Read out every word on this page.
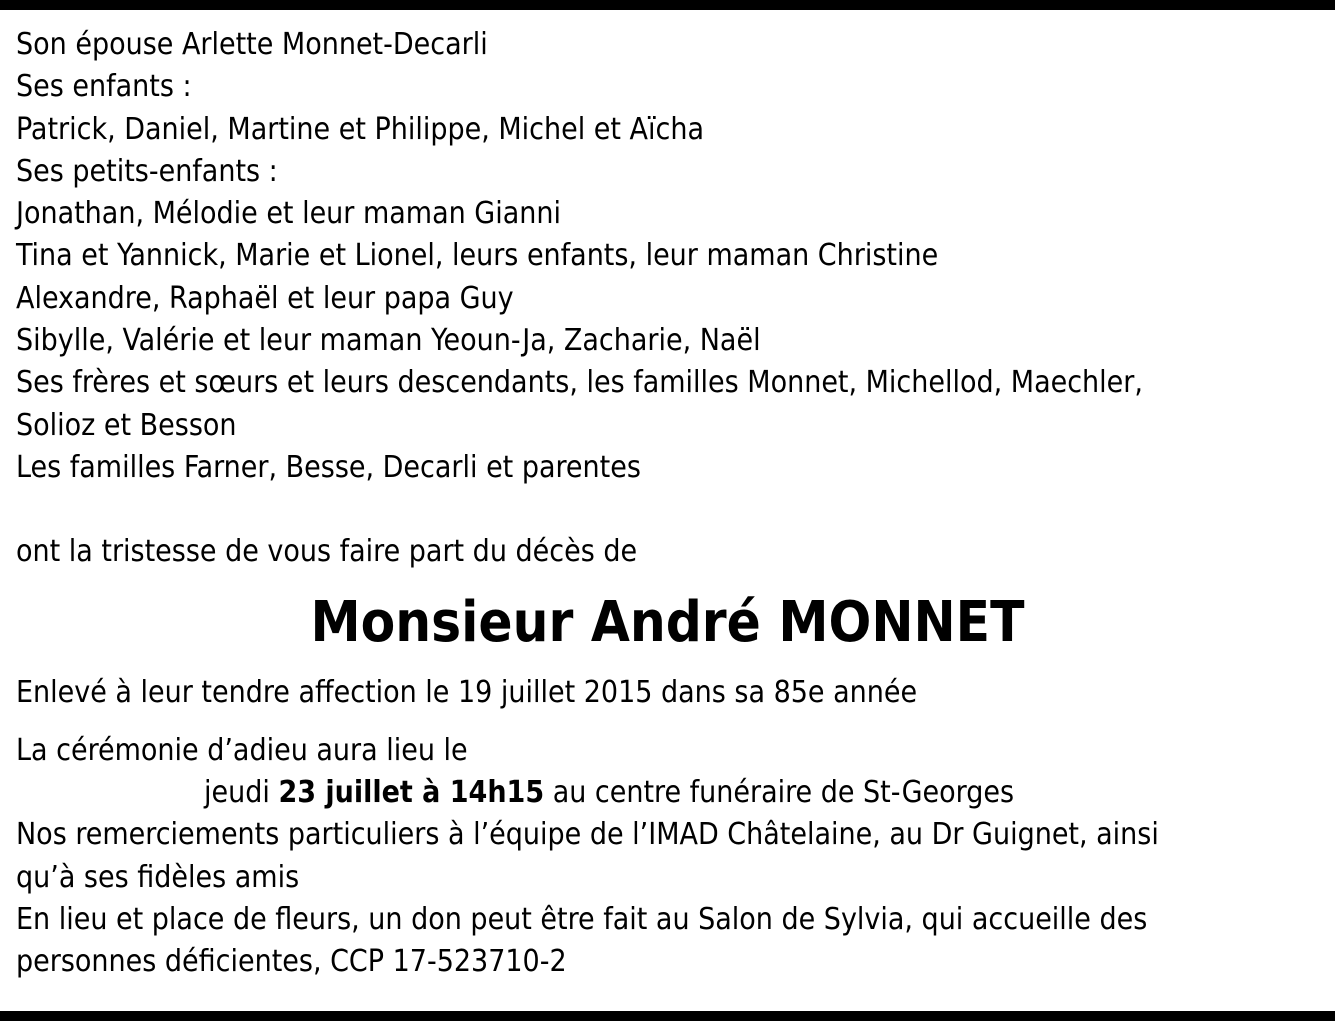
Son épouse Arlette Monnet-Decarli
Ses enfants :
Patrick, Daniel, Martine et Philippe, Michel et Aïcha
Ses petits-enfants :
Jonathan, Mélodie et leur maman Gianni
Tina et Yannick, Marie et Lionel, leurs enfants, leur maman Christine
Alexandre, Raphaël et leur papa Guy
Sibylle, Valérie et leur maman Yeoun-Ja, Zacharie, Naël
Ses frères et sœurs et leurs descendants, les familles Monnet, Michellod, Maechler,
Solioz et Besson
Les familles Farner, Besse, Decarli et parentes
ont la tristesse de vous faire part du décès de
Monsieur André MONNET
Enlevé à leur tendre affection le 19 juillet 2015 dans sa 85e année
La cérémonie d’adieu aura lieu le
jeudi 23 juillet à 14h15 au centre funéraire de St-Georges
Nos remerciements particuliers à l’équipe de l’IMAD Châtelaine, au Dr Guignet, ainsi
qu’à ses fidèles amis
En lieu et place de fleurs, un don peut être fait au Salon de Sylvia, qui accueille des
personnes déficientes, CCP 17-523710-2
